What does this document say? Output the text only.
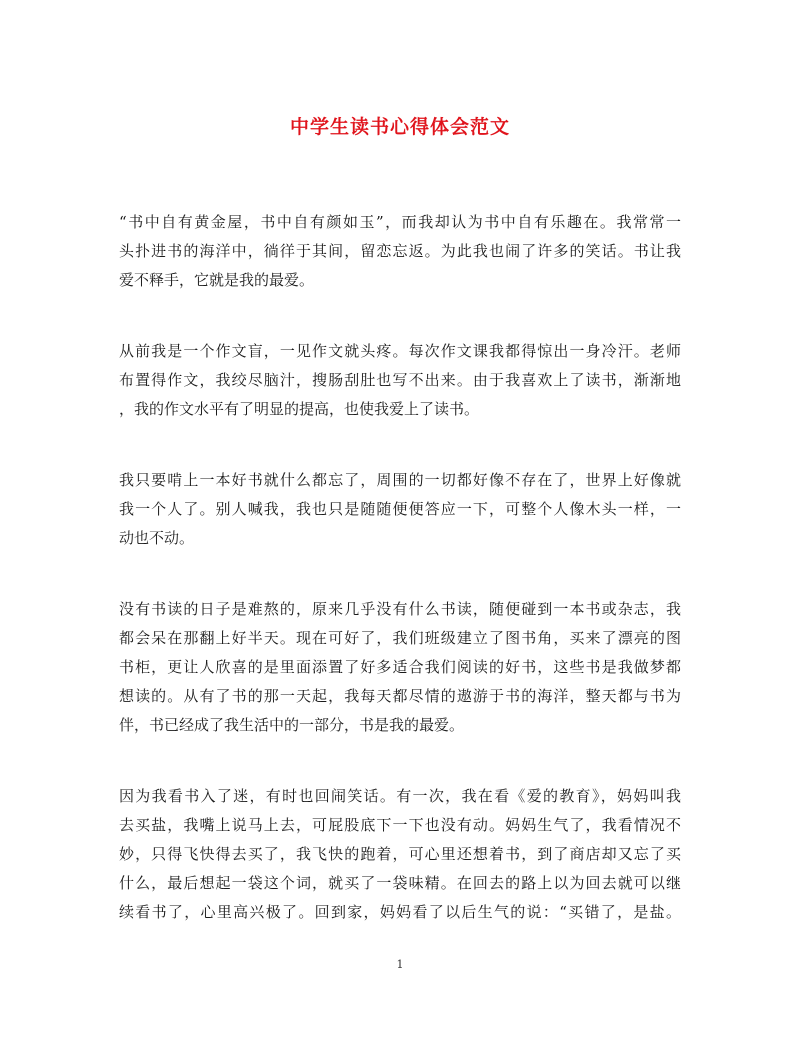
中学生读书心得体会范文
“书中自有黄金屋，书中自有颜如玉”，而我却认为书中自有乐趣在。我常常一
头扑进书的海洋中，徜徉于其间，留恋忘返。为此我也闹了许多的笑话。书让我
爱不释手，它就是我的最爱。
从前我是一个作文盲，一见作文就头疼。每次作文课我都得惊出一身冷汗。老师
布置得作文，我绞尽脑汁，搜肠刮肚也写不出来。由于我喜欢上了读书，渐渐地
，我的作文水平有了明显的提高，也使我爱上了读书。
我只要啃上一本好书就什么都忘了，周围的一切都好像不存在了，世界上好像就
我一个人了。别人喊我，我也只是随随便便答应一下，可整个人像木头一样，一
动也不动。
没有书读的日子是难熬的，原来几乎没有什么书读，随便碰到一本书或杂志，我
都会呆在那翻上好半天。现在可好了，我们班级建立了图书角，买来了漂亮的图
书柜，更让人欣喜的是里面添置了好多适合我们阅读的好书，这些书是我做梦都
想读的。从有了书的那一天起，我每天都尽情的遨游于书的海洋，整天都与书为
伴，书已经成了我生活中的一部分，书是我的最爱。
因为我看书入了迷，有时也回闹笑话。有一次，我在看《爱的教育》，妈妈叫我
去买盐，我嘴上说马上去，可屁股底下一下也没有动。妈妈生气了，我看情况不
妙，只得飞快得去买了，我飞快的跑着，可心里还想着书，到了商店却又忘了买
什么，最后想起一袋这个词，就买了一袋味精。在回去的路上以为回去就可以继
续看书了，心里高兴极了。回到家，妈妈看了以后生气的说：“买错了，是盐。
1
